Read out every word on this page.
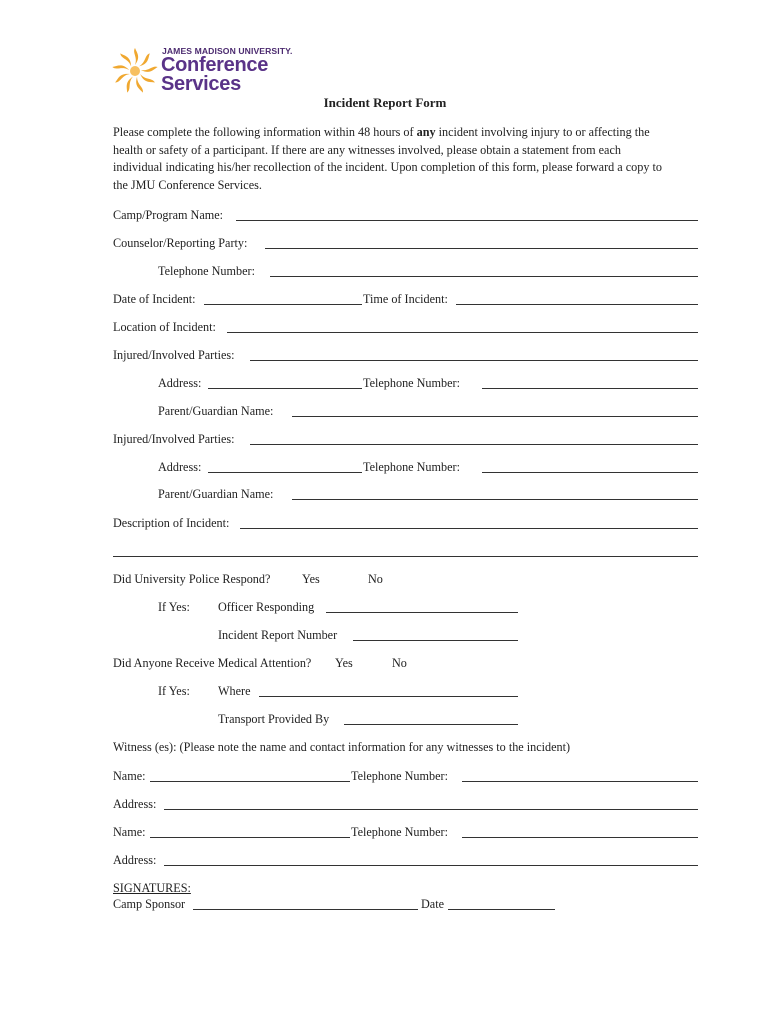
JAMES MADISON UNIVERSITY.
Conference
Services
Incident Report Form
Please complete the following information within 48 hours of any incident involving injury to or affecting the health or safety of a participant. If there are any witnesses involved, please obtain a statement from each individual indicating his/her recollection of the incident. Upon completion of this form, please forward a copy to the JMU Conference Services.
Camp/Program Name:
Counselor/Reporting Party:
Telephone Number:
Date of Incident:	Time of Incident:
Location of Incident:
Injured/Involved Parties:
Address:	Telephone Number:
Parent/Guardian Name:
Injured/Involved Parties:
Address:	Telephone Number:
Parent/Guardian Name:
Description of Incident:
Did University Police Respond?	Yes	No
If Yes: Officer Responding
Incident Report Number
Did Anyone Receive Medical Attention? Yes	No
If Yes: Where
Transport Provided By
Witness (es): (Please note the name and contact information for any witnesses to the incident)
Name:	Telephone Number:
Address:
Name:	Telephone Number:
Address:
SIGNATURES:
Camp Sponsor	Date
